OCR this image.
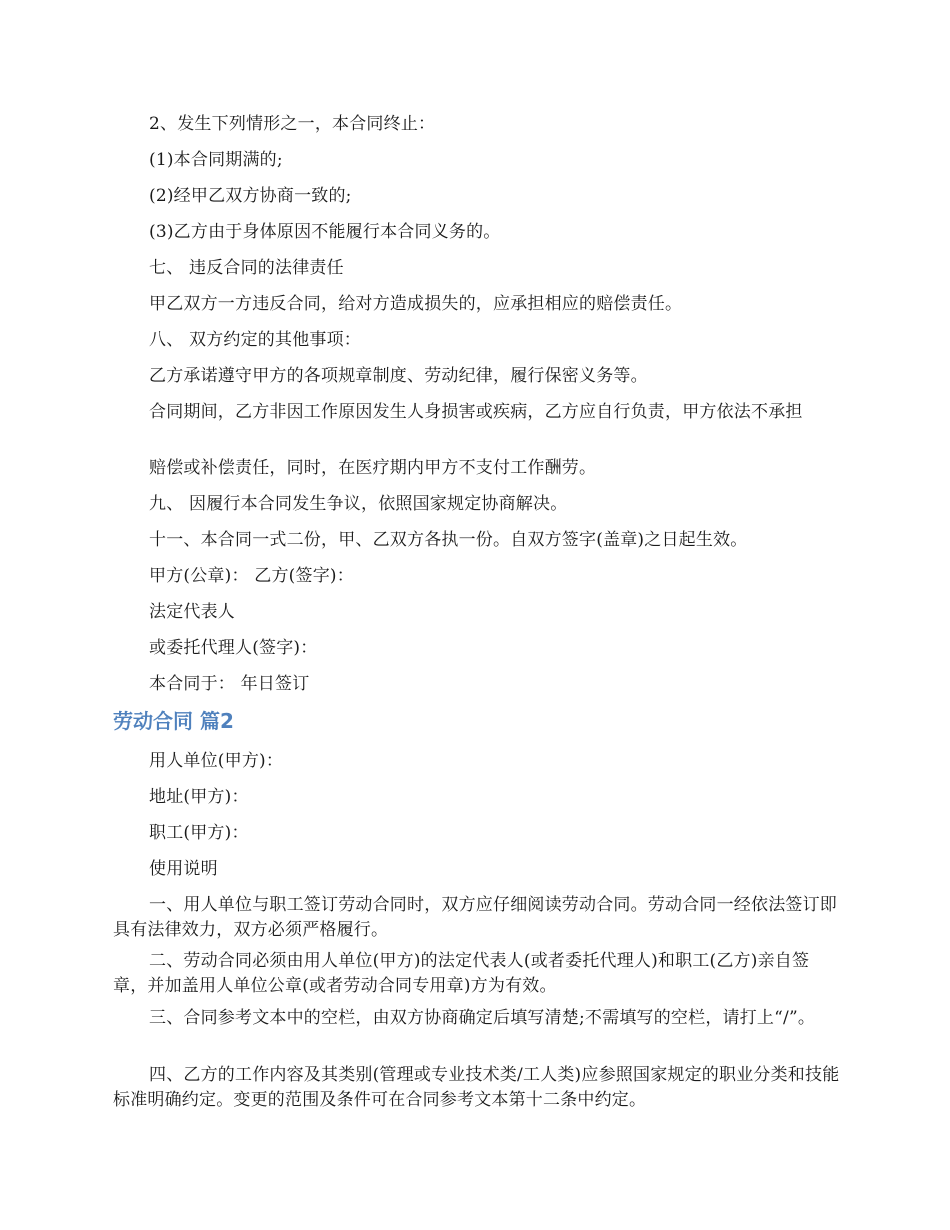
2、发生下列情形之一，本合同终止：

(1)本合同期满的;

(2)经甲乙双方协商一致的;

(3)乙方由于身体原因不能履行本合同义务的。

七、 违反合同的法律责任

甲乙双方一方违反合同，给对方造成损失的，应承担相应的赔偿责任。

八、 双方约定的其他事项：

乙方承诺遵守甲方的各项规章制度、劳动纪律，履行保密义务等。

合同期间，乙方非因工作原因发生人身损害或疾病，乙方应自行负责，甲方依法不承担

赔偿或补偿责任，同时，在医疗期内甲方不支付工作酬劳。

九、 因履行本合同发生争议，依照国家规定协商解决。

十一、本合同一式二份，甲、乙双方各执一份。自双方签字(盖章)之日起生效。

甲方(公章)： 乙方(签字)：

法定代表人

或委托代理人(签字)：

本合同于： 年日签订

劳动合同 篇2

用人单位(甲方)：

地址(甲方)：

职工(甲方)：

使用说明

一、用人单位与职工签订劳动合同时，双方应仔细阅读劳动合同。劳动合同一经依法签订即具有法律效力，双方必须严格履行。

二、劳动合同必须由用人单位(甲方)的法定代表人(或者委托代理人)和职工(乙方)亲自签章，并加盖用人单位公章(或者劳动合同专用章)方为有效。

三、合同参考文本中的空栏，由双方协商确定后填写清楚;不需填写的空栏，请打上“/”。

四、乙方的工作内容及其类别(管理或专业技术类/工人类)应参照国家规定的职业分类和技能标准明确约定。变更的范围及条件可在合同参考文本第十二条中约定。
